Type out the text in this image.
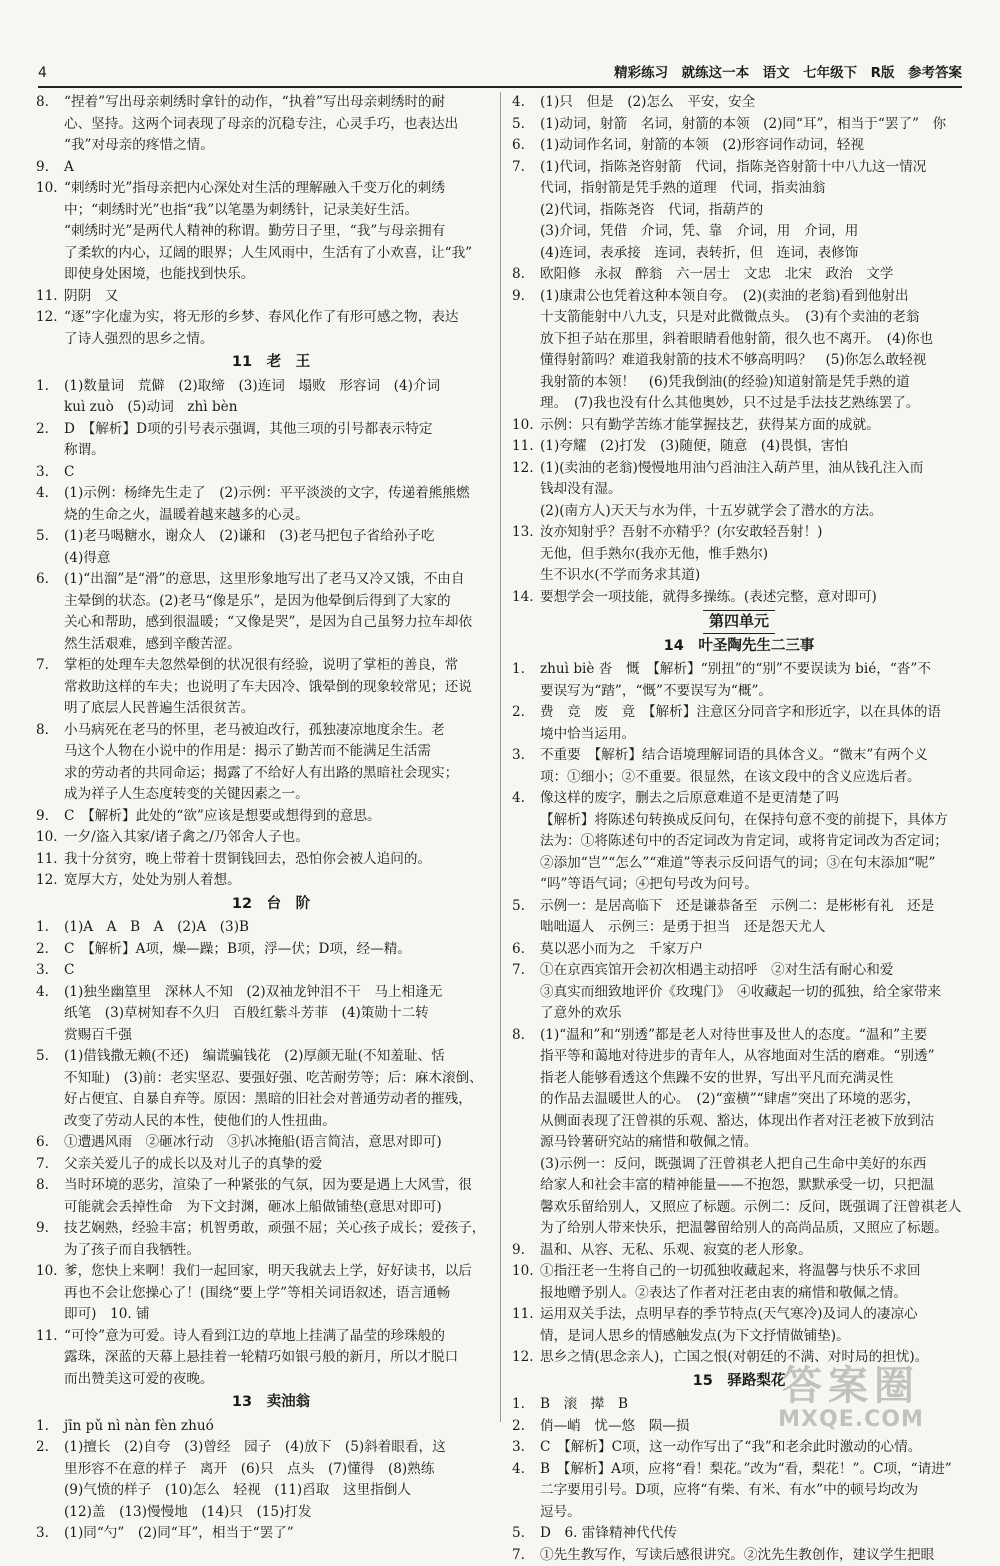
4	精彩练习　就练这一本　语文　七年级下　R版　参考答案
8. “捏着”写出母亲刺绣时拿针的动作，“执着”写出母亲刺绣时的耐
心、坚持。这两个词表现了母亲的沉稳专注，心灵手巧，也表达出
“我”对母亲的疼惜之情。
9. A
10. “刺绣时光”指母亲把内心深处对生活的理解融入千变万化的刺绣
中；“刺绣时光”也指“我”以笔墨为刺绣针，记录美好生活。
“刺绣时光”是两代人精神的称谓。勤劳日子里，“我”与母亲拥有
了柔软的内心，辽阔的眼界；人生风雨中，生活有了小欢喜，让“我”
即使身处困境，也能找到快乐。
11. 阴阴　又
12. “逐”字化虚为实，将无形的乡梦、春风化作了有形可感之物，表达
了诗人强烈的思乡之情。
11　老　王
1. (1)数量词　荒僻　(2)取缔　(3)连词　塌败　形容词　(4)介词
kuì zuò　(5)动词　zhì bèn
2. D　【解析】D项的引号表示强调，其他三项的引号都表示特定
称谓。
3. C
4. (1)示例：杨绛先生走了　(2)示例：平平淡淡的文字，传递着熊熊燃
烧的生命之火，温暖着越来越多的心灵。
5. (1)老马喝糖水，谢众人　(2)谦和　(3)老马把包子省给孙子吃
(4)得意
6. (1)“出溜”是“滑”的意思，这里形象地写出了老马又冷又饿，不由自
主晕倒的状态。(2)老马“像是乐”，是因为他晕倒后得到了大家的
关心和帮助，感到很温暖；“又像是哭”，是因为自己虽努力拉车却依
然生活艰难，感到辛酸苦涩。
7. 掌柜的处理车夫忽然晕倒的状况很有经验，说明了掌柜的善良，常
常救助这样的车夫；也说明了车夫因冷、饿晕倒的现象较常见；还说
明了底层人民普遍生活很贫苦。
8. 小马病死在老马的怀里，老马被迫改行，孤独凄凉地度余生。老
马这个人物在小说中的作用是：揭示了勤苦而不能满足生活需
求的劳动者的共同命运；揭露了不给好人有出路的黑暗社会现实；
成为祥子人生态度转变的关键因素之一。
9. C　【解析】此处的“欲”应该是想要或想得到的意思。
10. 一夕/盗入其家/诸子禽之/乃邻舍人子也。
11. 我十分贫穷，晚上带着十贯铜钱回去，恐怕你会被人追问的。
12. 宽厚大方，处处为别人着想。
12　台　阶
1. (1)A　A　B　A　(2)A　(3)B
2. C　【解析】A项，燥—躁；B项，浮—伏；D项，经—精。
3. C
4. (1)独坐幽篁里　深林人不知　(2)双袖龙钟泪不干　马上相逢无
纸笔　(3)草树知春不久归　百般红紫斗芳菲　(4)策勋十二转
赏赐百千强
5. (1)借钱撒无赖(不还)　编谎骗钱花　(2)厚颜无耻(不知羞耻、恬
不知耻)　(3)前：老实坚忍、要强好强、吃苦耐劳等；后：麻木滚倒、
好占便宜、自暴自弃等。原因：黑暗的旧社会对普通劳动者的摧残，
改变了劳动人民的本性，使他们的人性扭曲。
6. ①遭遇风雨　②砸冰行动　③扒冰掩船(语言简洁，意思对即可)
7. 父亲关爱儿子的成长以及对儿子的真挚的爱
8. 当时环境的恶劣，渲染了一种紧张的气氛，因为要是遇上大风雪，很
可能就会丢掉性命　为下文封渊，砸冰上船做铺垫(意思对即可)
9. 技艺娴熟，经验丰富；机智勇敢，顽强不屈；关心孩子成长；爱孩子，
为了孩子而自我牺牲。
10. 爹，您快上来啊！我们一起回家，明天我就去上学，好好读书，以后
再也不会让您操心了！(围绕“要上学”等相关词语叙述，语言通畅
即可)　10. 铺
11. “可怜”意为可爱。诗人看到江边的草地上挂满了晶莹的珍珠般的
露珠，深蓝的天幕上悬挂着一轮精巧如银弓般的新月，所以才脱口
而出赞美这可爱的夜晚。
13　卖油翁
1. jīn pǔ nì nàn fèn zhuó
2. (1)擅长　(2)自夸　(3)曾经　园子　(4)放下　(5)斜着眼看，这
里形容不在意的样子　离开　(6)只　点头　(7)懂得　(8)熟练
(9)气愤的样子　(10)怎么　轻视　(11)舀取　这里指倒人
(12)盖　(13)慢慢地　(14)只　(15)打发
3. (1)同“勺”　(2)同“耳”，相当于“罢了”
4. (1)只　但是　(2)怎么　平安，安全
5. (1)动词，射箭　名词，射箭的本领　(2)同“耳”，相当于“罢了”　你
6. (1)动词作名词，射箭的本领　(2)形容词作动词，轻视
7. (1)代词，指陈尧咨射箭　代词，指陈尧咨射箭十中八九这一情况
代词，指射箭是凭手熟的道理　代词，指卖油翁
(2)代词，指陈尧咨　代词，指葫芦的
(3)介词，凭借　介词，凭、靠　介词，用　介词，用
(4)连词，表承接　连词，表转折，但　连词，表修饰
8. 欧阳修　永叔　醉翁　六一居士　文忠　北宋　政治　文学
9. (1)康肃公也凭着这种本领自夸。　(2)(卖油的老翁)看到他射出
十支箭能射中八九支，只是对此微微点头。　(3)有个卖油的老翁
放下担子站在那里，斜着眼睛看他射箭，很久也不离开。　(4)你也
懂得射箭吗？难道我射箭的技术不够高明吗？　(5)你怎么敢轻视
我射箭的本领！　(6)凭我倒油(的经验)知道射箭是凭手熟的道
理。　(7)我也没有什么其他奥妙，只不过是手法技艺熟练罢了。
10. 示例：只有勤学苦练才能掌握技艺，获得某方面的成就。
11. (1)夸耀　(2)打发　(3)随便，随意　(4)畏惧，害怕
12. (1)(卖油的老翁)慢慢地用油勺舀油注入葫芦里，油从钱孔注入而
钱却没有湿。
(2)(南方人)天天与水为伴，十五岁就学会了潜水的方法。
13. 汝亦知射乎？吾射不亦精乎？(尔安敢轻吾射！)
无他，但手熟尔(我亦无他，惟手熟尔)
生不识水(不学而务求其道)
14. 要想学会一项技能，就得多操练。(表述完整，意对即可)
第四单元
14　叶圣陶先生二三事
1. zhuì biè 沓　慨　【解析】“别扭”的“别”不要误读为 bié，“沓”不
要误写为“踏”，“慨”不要误写为“概”。
2. 费　竞　废　竟　【解析】注意区分同音字和形近字，以在具体的语
境中恰当运用。
3. 不重要　【解析】结合语境理解词语的具体含义。“微末”有两个义
项：①细小；②不重要。很显然，在该文段中的含义应选后者。
4. 像这样的废字，删去之后原意难道不是更清楚了吗
【解析】将陈述句转换成反问句，在保持句意不变的前提下，具体方
法为：①将陈述句中的否定词改为肯定词，或将肯定词改为否定词；
②添加“岂”“怎么”“难道”等表示反问语气的词；③在句末添加“呢”
“吗”等语气词；④把句号改为问号。
5. 示例一：是居高临下　还是谦恭备至　示例二：是彬彬有礼　还是
咄咄逼人　示例三：是勇于担当　还是怨天尤人
6. 莫以恶小而为之　千家万户
7. ①在京西宾馆开会初次相遇主动招呼　②对生活有耐心和爱
③真实而细致地评价《玫瑰门》　④收藏起一切的孤独，给全家带来
了意外的欢乐
8. (1)“温和”和“别透”都是老人对待世事及世人的态度。“温和”主要
指平等和蔼地对待进步的青年人，从容地面对生活的磨难。“别透”
指老人能够看透这个焦躁不安的世界，写出平凡而充满灵性
的作品去温暖世人的心。　(2)“蛮横”“肆虐”突出了环境的恶劣，
从侧面表现了汪曾祺的乐观、豁达，体现出作者对汪老被下放到沽
源马铃薯研究站的痛惜和敬佩之情。
(3)示例一：反问，既强调了汪曾祺老人把自己生命中美好的东西
给家人和社会丰富的精神能量——不抱怨，默默承受一切，只把温
馨欢乐留给别人，又照应了标题。示例二：反问，既强调了汪曾祺老人
为了给别人带来快乐，把温馨留给别人的高尚品质，又照应了标题。
9. 温和、从容、无私、乐观、寂寞的老人形象。
10. ①指汪老一生将自己的一切孤独收藏起来，将温馨与快乐不求回
报地赠予别人。②表达了作者对汪老由衷的痛惜和敬佩之情。
11. 运用双关手法，点明早春的季节特点(天气寒冷)及词人的凄凉心
情，是词人思乡的情感触发点(为下文抒情做铺垫)。
12. 思乡之情(思念亲人)，亡国之恨(对朝廷的不满、对时局的担忧)。
15　驿路梨花
1. B　滚　撵　B
2. 俏—峭　忧—悠　陨—损
3. C　【解析】C项，这一动作写出了“我”和老余此时激动的心情。
4. B　【解析】A项，应将“看！梨花。”改为“看，梨花！”。C项，“请进”
二字要用引号。D项，应将“有柴、有米、有水”中的顿号均改为
逗号。
5. D　6. 雷锋精神代代传
7. ①先生教写作，写读后感很讲究。②沈先生教创作，建议学生把眼
答案圈
MXQE.COM
